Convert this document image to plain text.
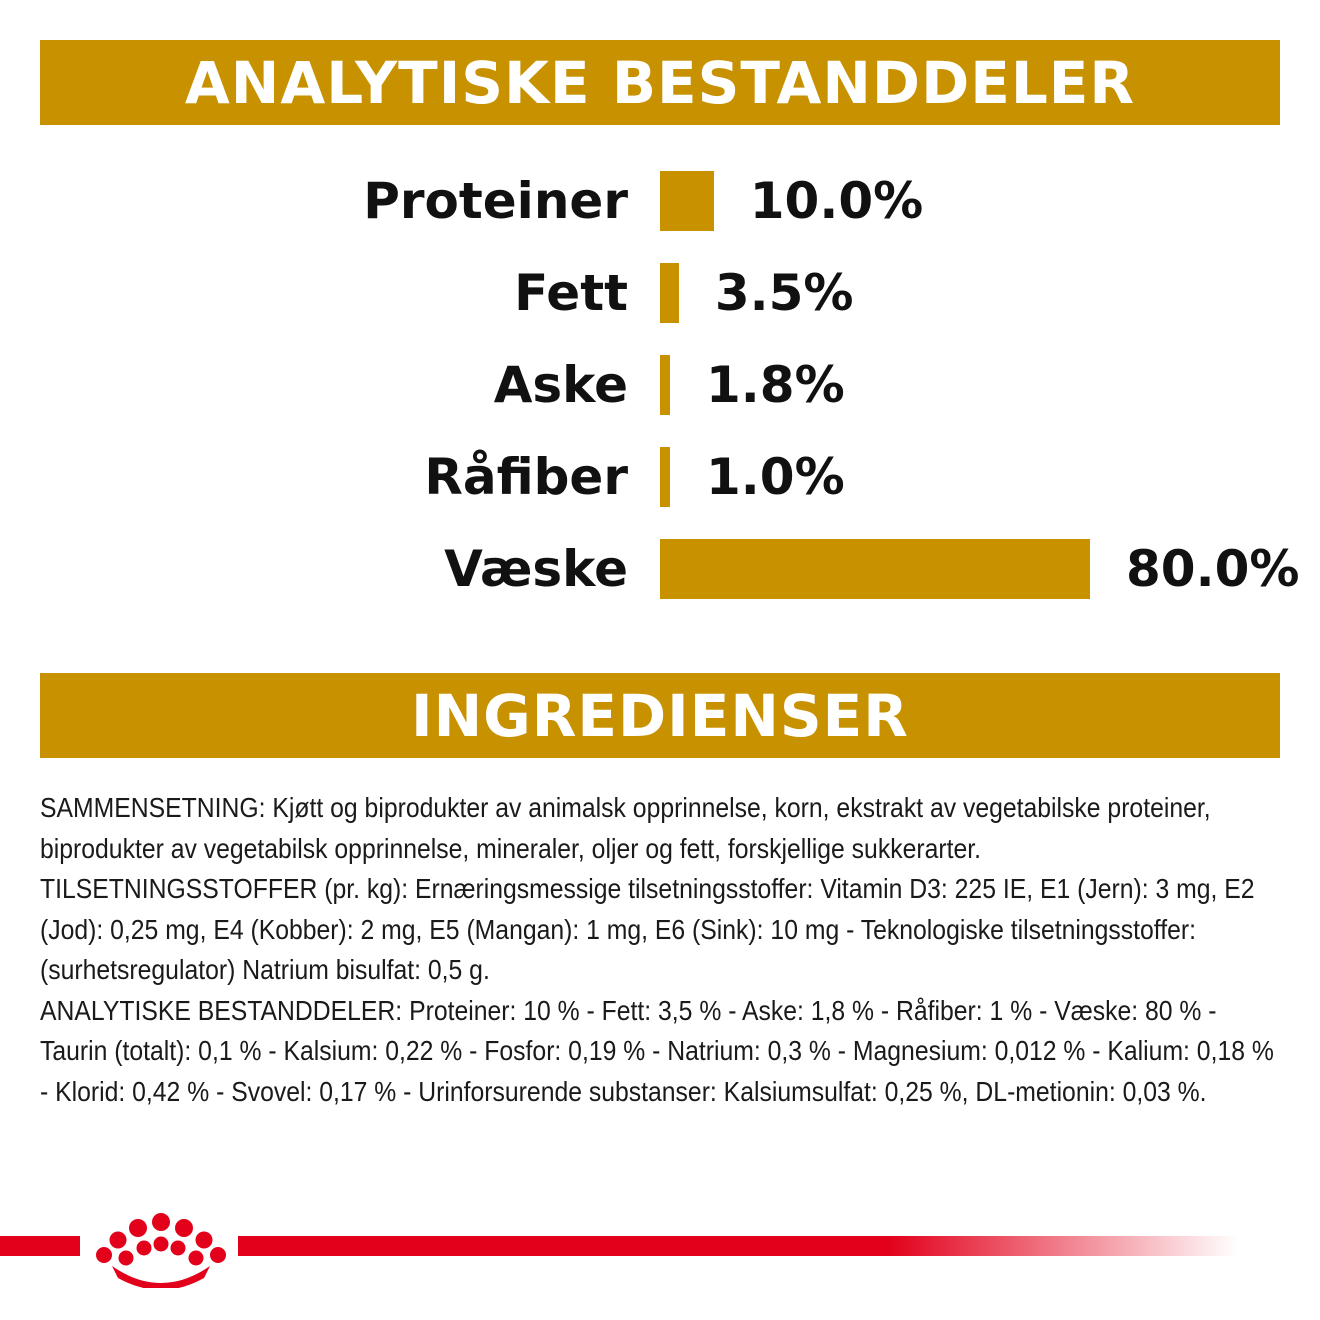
ANALYTISKE BESTANDDELER
Proteiner 10.0%
Fett 3.5%
Aske 1.8%
Råfiber 1.0%
Væske	80.0%
INGREDIENSER

SAMMENSETNING: Kjøtt og biprodukter av animalsk opprinnelse, korn, ekstrakt av vegetabilske proteiner, biprodukter av vegetabilsk opprinnelse, mineraler, oljer og fett, forskjellige sukkerarter.

TILSETNINGSSTOFFER (pr. kg): Ernæringsmessige tilsetningsstoffer: Vitamin D3: 225 IE, E1 (Jern): 3 mg, E2 (Jod): 0,25 mg, E4 (Kobber): 2 mg, E5 (Mangan): 1 mg, E6 (Sink): 10 mg - Teknologiske tilsetningsstoffer: (surhetsregulator) Natrium bisulfat: 0,5 g.

ANALYTISKE BESTANDDELER: Proteiner: 10 % - Fett: 3,5 % - Aske: 1,8 % - Råfiber: 1 % - Væske: 80 % - Taurin (totalt): 0,1 % - Kalsium: 0,22 % - Fosfor: 0,19 % - Natrium: 0,3 % - Magnesium: 0,012 % - Kalium: 0,18 % - Klorid: 0,42 % - Svovel: 0,17 % - Urinforsurende substanser: Kalsiumsulfat: 0,25 %, DL-metionin: 0,03 %.
